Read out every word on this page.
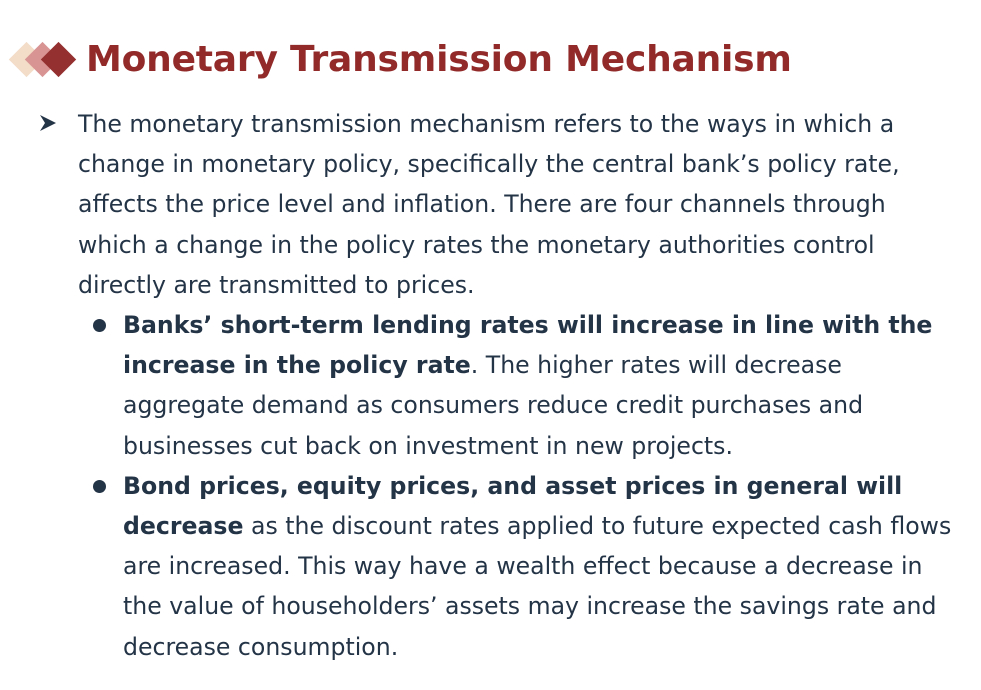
Monetary Transmission Mechanism
The monetary transmission mechanism refers to the ways in which a change in monetary policy, specifically the central bank’s policy rate, affects the price level and inflation. There are four channels through which a change in the policy rates the monetary authorities control directly are transmitted to prices.
Banks’ short-term lending rates will increase in line with the increase in the policy rate. The higher rates will decrease aggregate demand as consumers reduce credit purchases and businesses cut back on investment in new projects.
Bond prices, equity prices, and asset prices in general will decrease as the discount rates applied to future expected cash flows are increased. This way have a wealth effect because a decrease in the value of householders’ assets may increase the savings rate and decrease consumption.
